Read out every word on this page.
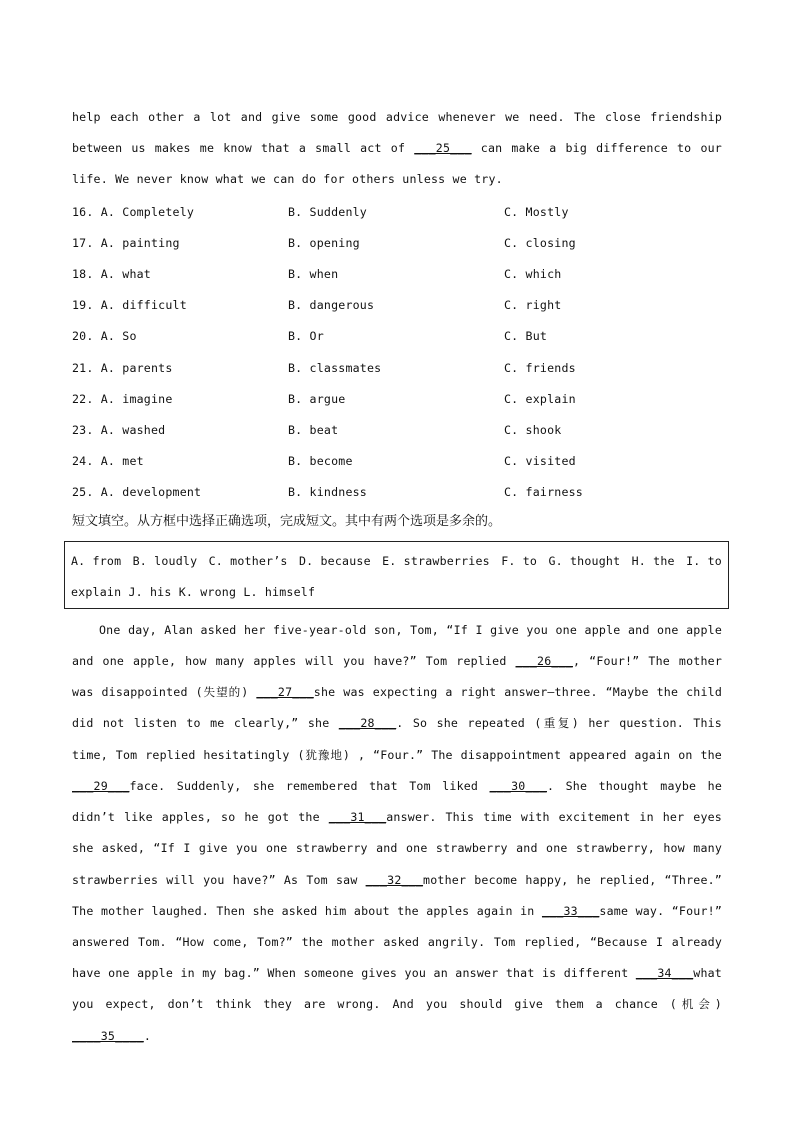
help each other a lot and give some good advice whenever we need. The close friendship between us makes me know that a small act of ___25___ can make a big difference to our life. We never know what we can do for others unless we try.
16. A. Completely	B. Suddenly	C. Mostly
17. A. painting	B. opening	C. closing
18. A. what	B. when	C. which
19. A. difficult	B. dangerous	C. right
20. A. So	B. Or	C. But
21. A. parents	B. classmates	C. friends
22. A. imagine	B. argue	C. explain
23. A. washed	B. beat	C. shook
24. A. met	B. become	C. visited
25. A. development	B. kindness	C. fairness
短文填空。从方框中选择正确选项，完成短文。其中有两个选项是多余的。
A. from B. loudly C. mother’s D. because E. strawberries F. to G. thought H. the I. to
explain J. his K. wrong L. himself

One day, Alan asked her five-year-old son, Tom, “If I give you one apple and one apple and one apple, how many apples will you have?” Tom replied ___26___, “Four!” The mother was disappointed (失望的) ___27___she was expecting a right answer—three. “Maybe the child did not listen to me clearly,” she ___28___. So she repeated (重复) her question. This time, Tom replied hesitatingly (犹豫地) , “Four.” The disappointment appeared again on the ___29___face. Suddenly, she remembered that Tom liked ___30___. She thought maybe he didn’t like apples, so he got the ___31___answer. This time with excitement in her eyes she asked, “If I give you one strawberry and one strawberry and one strawberry, how many strawberries will you have?” As Tom saw ___32___mother become happy, he replied, “Three.” The mother laughed. Then she asked him about the apples again in ___33___same way. “Four!” answered Tom. “How come, Tom?” the mother asked angrily. Tom replied, “Because I already have one apple in my bag.” When someone gives you an answer that is different ___34___what you expect, don’t think they are wrong. And you should give them a chance (机会) ____35____.
